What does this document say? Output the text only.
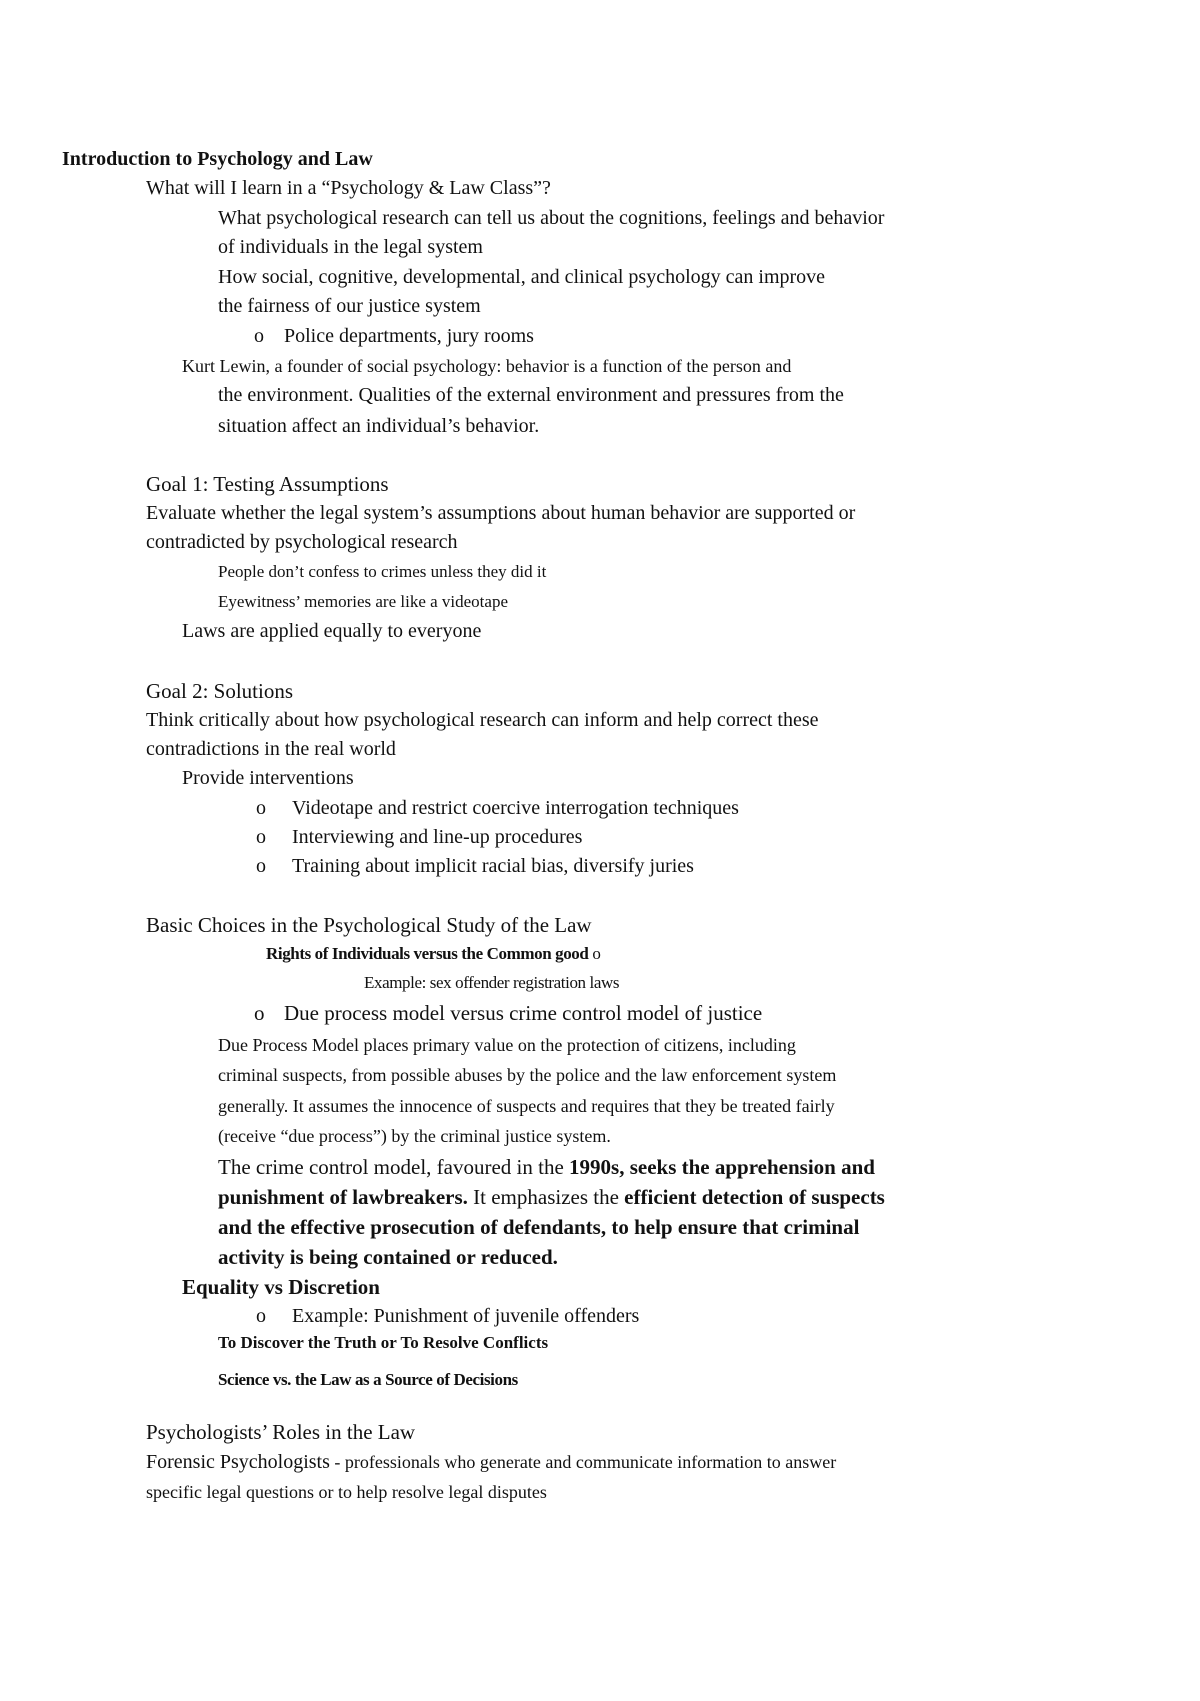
Introduction to Psychology and Law
What will I learn in a “Psychology & Law Class”?
What psychological research can tell us about the cognitions, feelings and behavior
of individuals in the legal system
How social, cognitive, developmental, and clinical psychology can improve
the fairness of our justice system
o Police departments, jury rooms
Kurt Lewin, a founder of social psychology: behavior is a function of the person and
the environment. Qualities of the external environment and pressures from the
situation affect an individual’s behavior.
Goal 1: Testing Assumptions
Evaluate whether the legal system’s assumptions about human behavior are supported or
contradicted by psychological research
People don’t confess to crimes unless they did it
Eyewitness’ memories are like a videotape
Laws are applied equally to everyone
Goal 2: Solutions
Think critically about how psychological research can inform and help correct these
contradictions in the real world
Provide interventions
o Videotape and restrict coercive interrogation techniques
o Interviewing and line-up procedures
o Training about implicit racial bias, diversify juries
Basic Choices in the Psychological Study of the Law
Rights of Individuals versus the Common good o
Example: sex offender registration laws
o Due process model versus crime control model of justice
Due Process Model places primary value on the protection of citizens, including
criminal suspects, from possible abuses by the police and the law enforcement system
generally. It assumes the innocence of suspects and requires that they be treated fairly
(receive “due process”) by the criminal justice system.
The crime control model, favoured in the 1990s, seeks the apprehension and
punishment of lawbreakers. It emphasizes the efficient detection of suspects
and the effective prosecution of defendants, to help ensure that criminal
activity is being contained or reduced.
Equality vs Discretion
o Example: Punishment of juvenile offenders
To Discover the Truth or To Resolve Conflicts
Science vs. the Law as a Source of Decisions
Psychologists’ Roles in the Law
Forensic Psychologists - professionals who generate and communicate information to answer
specific legal questions or to help resolve legal disputes
